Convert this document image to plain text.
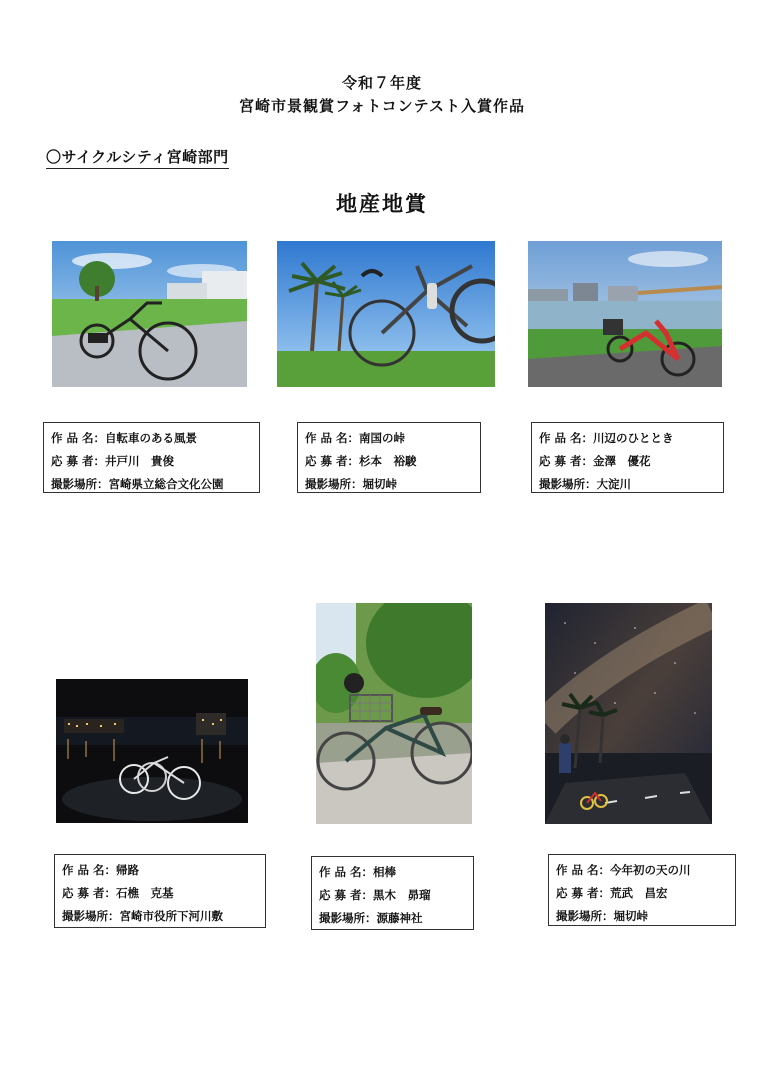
令和７年度
宮崎市景観賞フォトコンテスト入賞作品
〇サイクルシティ宮崎部門
地産地賞
作 品 名：自転車のある風景
応 募 者：井戸川　貴俊
撮影場所：宮崎県立総合文化公園
作 品 名：南国の峠
応 募 者：杉本　裕駿
撮影場所：堀切峠
作 品 名：川辺のひととき
応 募 者：金澤　優花
撮影場所：大淀川
作 品 名：帰路
応 募 者：石樵　克基
撮影場所：宮崎市役所下河川敷
作 品 名：相棒
応 募 者：黒木　昴瑠
撮影場所：源藤神社
作 品 名：今年初の天の川
応 募 者：荒武　昌宏
撮影場所：堀切峠
